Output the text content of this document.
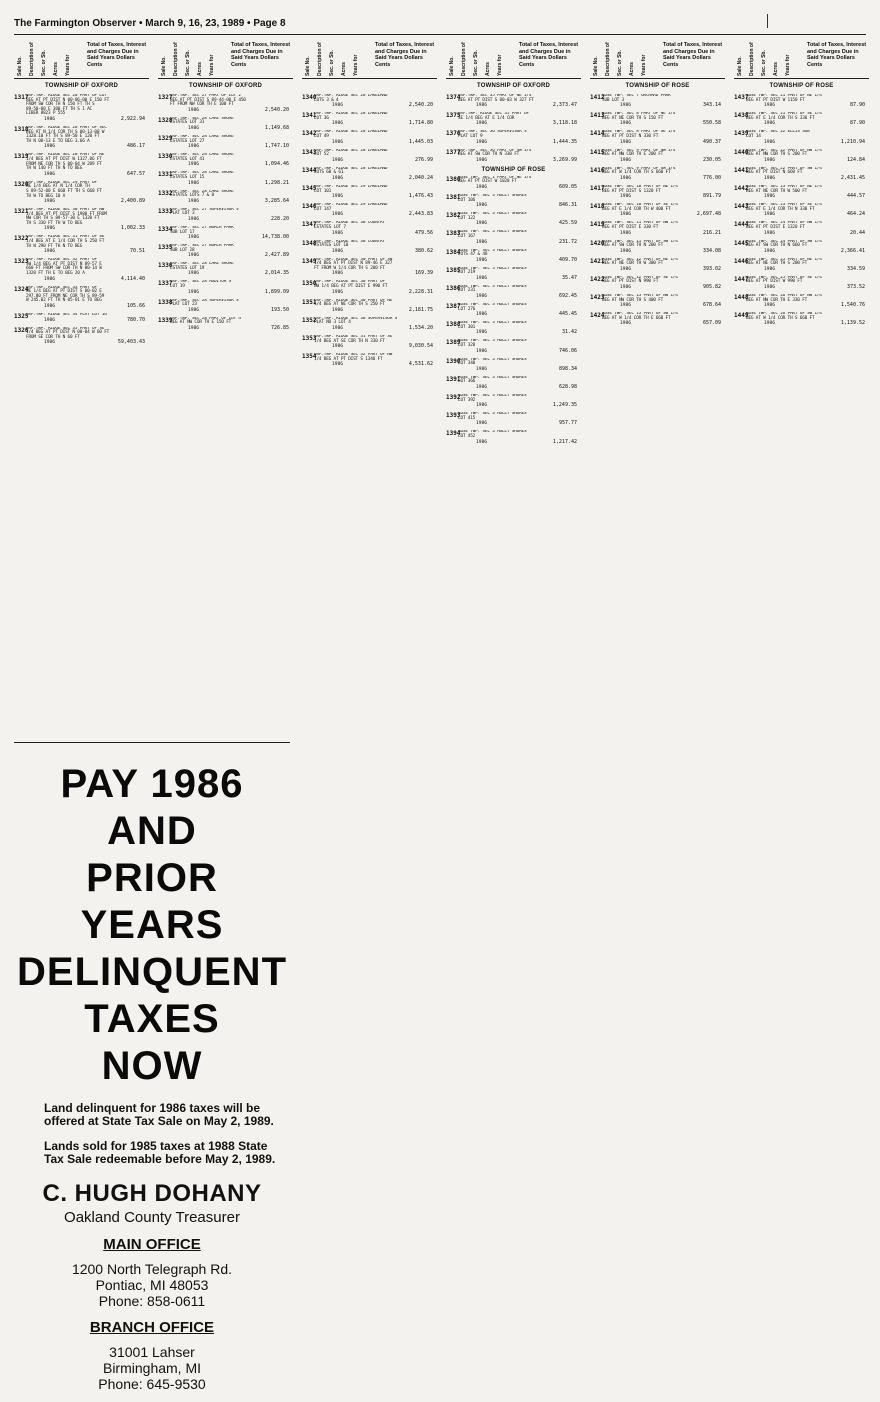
The Farmington Observer • March 9, 16, 23, 1989 • Page 8
Sale No. Description of
Sec. or Sb. Acres Years for
Total of Taxes, Interest and Charges Due in Said Years Dollars Cents
TOWNSHIP OF OXFORD
1317
OXF.TWP. RIDGE SEC 20 PART OF LOT
BEG AT PT DIST N 00-06-00 E 150 FT
FROM SW COR TH N 150 FT TH S
89-50-00 E 300 FT TH S 1 AC
LIBER 8823 P 555
1986	2,922.94
1318
OXF.TWP. RIDGE SEC 28 PART OF SEC
BEG AT N 1/4 COR TH S 00-13-00 W
1328.10 FT TH S 89-50 E 120 FT
TH N 00-13 E TO BEG 3.66 A
1986	486.17
1319
OXF.TWP. RIDGE SEC 28 PART OF NE
1/4 BEG AT PT DIST W 1327.06 FT
FROM NE COR TH S 00-04 W 209 FT
TH W 140 FT TH N TO BEG
1986	647.57
1320
OXF.TWP. RIDGE SEC 29 PART OF
NE 1/4 BEG AT N 1/4 COR TH
S 89-52-00 E 660 FT TH S 660 FT
TH W TO BEG 10 A
1986	2,400.89
1321
OXF.TWP. RIDGE SEC 30 PART OF NW
1/4 BEG AT PT DIST S 1980 FT FROM
NW COR TH S 89-57-30 E 1320 FT
TH S 330 FT TH W TO BEG
1986	1,002.33
1322
OXF.TWP. RIDGE SEC 31 PART OF SE
1/4 BEG AT E 1/4 COR TH S 250 FT
TH W 290 FT TH N TO BEG
1986	70.51
1323
OXF.TWP. RIDGE SEC 32 PART OF
SW 1/4 BEG AT PT DIST N 89-57 E
660 FT FROM SW COR TH N 00-14 W
1320 FT TH E TO BEG 20 A
1986	4,114.40
1324
OXF.TWP. RIDGE SEC 33 PART OF
NE 1/4 BEG AT PT DIST S 00-02 E
297.80 FT FROM NE COR TH S 89-59
W 245.02 FT TH N 05-01 E TO BEG
1986	105.66
1325
OXF.TWP. RIDGE SEC 34 PLAT LOT 16
1986	780.70
1326
OXF.TWP. RIDGE SEC 35 PART OF SE
1/4 BEG AT PT DIST N 00-04 W 60 FT
FROM SE COR TH N 60 FT
1986	59,403.43
Sale No. Description of
Sec. or Sb. Acres Years for
Total of Taxes, Interest and Charges Due in Said Years Dollars Cents
TOWNSHIP OF OXFORD
1327
OXF.TWP. SEC 27 PART OF LOT 2
BEG AT PT DIST S 89-44-00 E 450
FT FROM NW COR TH E 100 FT
1986	2,540.20
1328
OXF.TWP. SEC 28 LAKE SHORE
ESTATES LOT 31
1986	1,149.68
1329
OXF.TWP. SEC 28 LAKE SHORE
ESTATES LOT 27
1986	1,747.10
1330
OXF.TWP. SEC 28 LAKE SHORE
ESTATES LOT 41
1986	1,094.46
1331
OXF.TWP. SEC 28 LAKE SHORE
ESTATES LOT 15
1986	1,298.21
1332
OXF.TWP. SEC 28 LAKE SHORE
ESTATES LOTS 7 & 8
1986	3,285.64
1333
OXF.TWP. SEC 27 SUPERVISOR'S
PLAT LOT 3
1986	228.20
1334
OXF.TWP. SEC 27 BURCH PARK
SUB LOT 17
1986	14,738.00
1335
OXF.TWP. SEC 27 BURCH PARK
SUB LOT 28
1986	2,427.89
1336
OXF.TWP. SEC 28 LAKE SHORE
ESTATES LOT 19
1986	2,014.35
1337
OXF.TWP. SEC 28 AUDITOR'S
LOT 19
1986	1,899.09
1338
OXF.TWP. SEC 28 SUPERVISOR'S
PLAT LOT 23
1986	193.50
1339
OXF.TWP. SEC 28 PART OF LOT 4
BEG AT NW COR TH E 150 FT
1986	726.85
Sale No. Description of
Sec. or Sb. Acres Years for
Total of Taxes, Interest and Charges Due in Said Years Dollars Cents
1340
OXF.TWP. RIDGE SEC 28 LAKELAND
LOTS 3 & 4
1986	2,540.20
1341
OXF.TWP. RIDGE SEC 28 LAKELAND
LOT 36
1986	1,714.80
1342
OXF.TWP. RIDGE SEC 28 LAKELAND
LOT 49
1986	1,445.03
1343
OXF.TWP. RIDGE SEC 28 LAKELAND
LOT 52
1986	276.99
1344
OXF.TWP. RIDGE SEC 28 LAKELAND
LOTS 60 & 61
1986	2,040.24
1345
OXF.TWP. RIDGE SEC 29 LAKELAND
LOT 101
1986	1,476.43
1346
OXF.TWP. RIDGE SEC 29 LAKELAND
LOT 147
1986	2,443.83
1347
OXF.TWP. RIDGE SEC 30 COUNTRY
ESTATES LOT 7
1986	479.56
1348
OXF.TWP. RIDGE SEC 30 COUNTRY
ESTATES LOT 10
1986	380.62
1349
OXF.TWP. RIDGE SEC 30 PART OF SW
1/4 BEG AT PT DIST N 89-46 E 327
FT FROM W 1/4 COR TH S 200 FT
1986	169.39
1350
OXF.TWP. RIDGE SEC 30 PART OF
NW 1/4 BEG AT PT DIST E 990 FT
1986	2,228.31
1351
OXF.TWP. RIDGE SEC 30 PART OF NE
1/4 BEG AT NE COR TH S 250 FT
1986	2,181.75
1352
OXF.TWP. RIDGE SEC 30 SUPERVISOR'S
PLAT NO 3 LOT 4
1986	1,534.20
1353
OXF.TWP. RIDGE SEC 31 PART OF SE
1/4 BEG AT SE COR TH N 330 FT
1986	9,030.54
1354
OXF.TWP. RIDGE SEC 32 PART OF NW
1/4 BEG AT PT DIST S 1340 FT
1986	4,531.62
Sale No. Description of
Sec. or Sb. Acres Years for
Total of Taxes, Interest and Charges Due in Said Years Dollars Cents
TOWNSHIP OF OXFORD
1374
OXF.TWP. SEC 35 PART OF NE 1/4
BEG AT PT DIST S 00-03 W 327 FT
1986	2,373.47
1375
OXF.TWP. RIDGE SEC 35 PART OF
SE 1/4 BEG AT E 1/4 COR
1986	3,118.18
1376
OXF.TWP. SEC 36 SUPERVISOR'S
PLAT LOT 9
1986	1,444.35
1377
OXF.TWP. SEC 36 PART OF SW 1/4
BEG AT SW COR TH N 330 FT
1986	3,269.99
TOWNSHIP OF ROSE
1380
ROSE TWP. SEC 1 PART OF NE 1/4
BEG AT PT DIST W 1020 FT
1986	609.05
1381
ROSE TWP. SEC 3 HOLLY SHORES
LOT 106
1986	846.31
1382
ROSE TWP. SEC 3 HOLLY SHORES
LOT 122
1986	425.59
1383
ROSE TWP. SEC 3 HOLLY SHORES
LOT 167
1986	231.72
1384
ROSE TWP. SEC 3 HOLLY SHORES
LOTS 47 & 48
1986	409.70
1385
ROSE TWP. SEC 3 HOLLY SHORES
LOT 219
1986	35.47
1386
ROSE TWP. SEC 3 HOLLY SHORES
LOT 231
1986	692.45
1387
ROSE TWP. SEC 3 HOLLY SHORES
LOT 276
1986	445.45
1388
ROSE TWP. SEC 3 HOLLY SHORES
LOT 301
1986	31.42
1389
ROSE TWP. SEC 3 HOLLY SHORES
LOT 328
1986	746.06
1390
ROSE TWP. SEC 3 HOLLY SHORES
LOT 340
1986	898.34
1391
ROSE TWP. SEC 3 HOLLY SHORES
LOT 366
1986	628.98
1392
ROSE TWP. SEC 3 HOLLY SHORES
LOT 392
1986	1,249.35
1393
ROSE TWP. SEC 3 HOLLY SHORES
LOT 415
1986	957.77
1394
ROSE TWP. SEC 3 HOLLY SHORES
LOT 452
1986	1,217.42
Sale No. Description of
Sec. or Sb. Acres Years for
Total of Taxes, Interest and Charges Due in Said Years Dollars Cents
TOWNSHIP OF ROSE
1412
ROSE TWP. SEC 7 ORCHARD PARK
SUB LOT 3
1986	343.14
1413
ROSE TWP. SEC 8 PART OF NE 1/4
BEG AT NE COR TH S 150 FT
1986	550.58
1414
ROSE TWP. SEC 8 PART OF SE 1/4
BEG AT PT DIST N 330 FT
1986	490.37
1415
ROSE TWP. SEC 9 PART OF NW 1/4
BEG AT NW COR TH E 200 FT
1986	230.05
1416
ROSE TWP. SEC 9 PART OF SW 1/4
BEG AT W 1/4 COR TH S 660 FT
1986	776.00
1417
ROSE TWP. SEC 10 PART OF NE 1/4
BEG AT PT DIST S 1320 FT
1986	891.79
1418
ROSE TWP. SEC 10 PART OF SE 1/4
BEG AT E 1/4 COR TH W 400 FT
1986	2,697.48
1419
ROSE TWP. SEC 11 PART OF NW 1/4
BEG AT PT DIST E 330 FT
1986	216.21
1420
ROSE TWP. SEC 11 PART OF SW 1/4
BEG AT SW COR TH N 200 FT
1986	334.08
1421
ROSE TWP. SEC 12 PART OF NE 1/4
BEG AT NE COR TH W 300 FT
1986	393.02
1422
ROSE TWP. SEC 12 PART OF SE 1/4
BEG AT PT DIST N 990 FT
1986	905.82
1423
ROSE TWP. SEC 13 PART OF NW 1/4
BEG AT NW COR TH S 400 FT
1986	678.64
1424
ROSE TWP. SEC 13 PART OF SW 1/4
BEG AT W 1/4 COR TH E 660 FT
1986	657.09
Sale No. Description of
Sec. or Sb. Acres Years for
Total of Taxes, Interest and Charges Due in Said Years Dollars Cents
TOWNSHIP OF ROSE
1437
ROSE TWP. SEC 21 PART OF NE 1/4
BEG AT PT DIST W 1150 FT
1986	87.90
1438
ROSE TWP. SEC 21 PART OF SE 1/4
BEG AT E 1/4 COR TH S 330 FT
1986	87.90
1439
ROSE TWP. SEC 22 ELLIS SUB
LOT 14
1986	1,210.94
1440
ROSE TWP. SEC 22 PART OF NW 1/4
BEG AT NW COR TH S 200 FT
1986	124.84
1441
ROSE TWP. SEC 22 PART OF SW 1/4
BEG AT PT DIST N 660 FT
1986	2,431.45
1442
ROSE TWP. SEC 23 PART OF NE 1/4
BEG AT NE COR TH W 500 FT
1986	444.57
1443
ROSE TWP. SEC 23 PART OF SE 1/4
BEG AT E 1/4 COR TH N 330 FT
1986	464.24
1444
ROSE TWP. SEC 24 PART OF NW 1/4
BEG AT PT DIST E 1320 FT
1986	20.44
1445
ROSE TWP. SEC 24 PART OF SW 1/4
BEG AT SW COR TH N 660 FT
1986	2,366.41
1446
ROSE TWP. SEC 25 PART OF NE 1/4
BEG AT NE COR TH S 200 FT
1986	334.59
1447
ROSE TWP. SEC 25 PART OF SE 1/4
BEG AT PT DIST W 990 FT
1986	373.52
1448
ROSE TWP. SEC 26 PART OF NW 1/4
BEG AT NW COR TH E 330 FT
1986	1,540.76
1449
ROSE TWP. SEC 26 PART OF SW 1/4
BEG AT W 1/4 COR TH S 660 FT
1986	1,139.52
PAY 1986
AND
PRIOR YEARS
DELINQUENT
TAXES
NOW
Land delinquent for 1986 taxes will be offered at State Tax Sale on May 2, 1989.
Lands sold for 1985 taxes at 1988 State Tax Sale redeemable before May 2, 1989.
C. HUGH DOHANY
Oakland County Treasurer
MAIN OFFICE
1200 North Telegraph Rd.
Pontiac, MI 48053
Phone: 858-0611
BRANCH OFFICE
31001 Lahser
Birmingham, MI
Phone: 645-9530
